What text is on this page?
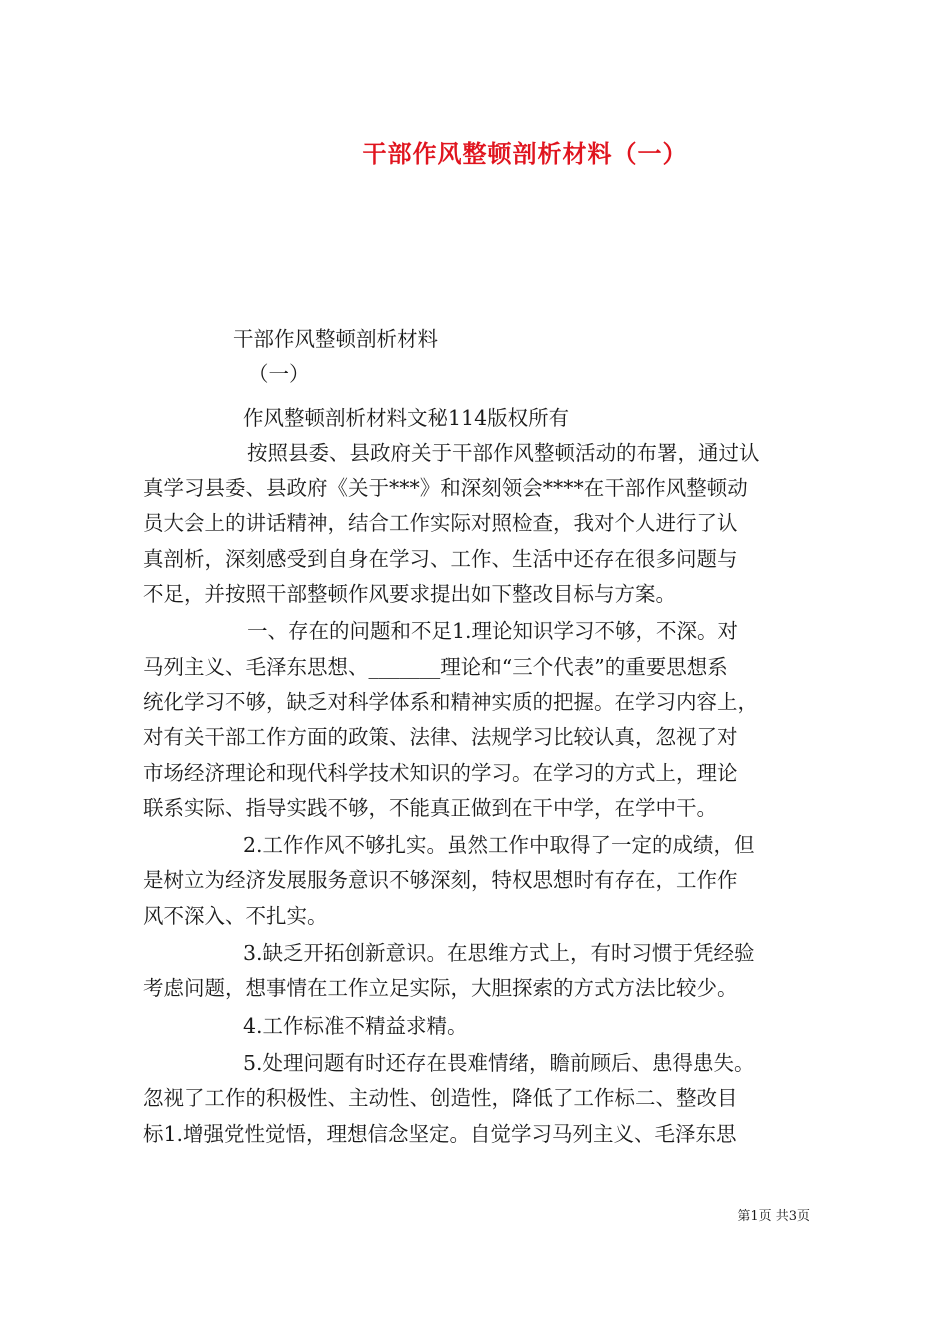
干部作风整顿剖析材料（一）
干部作风整顿剖析材料
（一）
作风整顿剖析材料文秘114版权所有
按照县委、县政府关于干部作风整顿活动的布署，通过认
真学习县委、县政府《关于***》和深刻领会****在干部作风整顿动
员大会上的讲话精神，结合工作实际对照检查，我对个人进行了认
真剖析，深刻感受到自身在学习、工作、生活中还存在很多问题与
不足，并按照干部整顿作风要求提出如下整改目标与方案。
一、存在的问题和不足1.理论知识学习不够，不深。对
马列主义、毛泽东思想、_______理论和“三个代表”的重要思想系
统化学习不够，缺乏对科学体系和精神实质的把握。在学习内容上，
对有关干部工作方面的政策、法律、法规学习比较认真，忽视了对
市场经济理论和现代科学技术知识的学习。在学习的方式上，理论
联系实际、指导实践不够，不能真正做到在干中学，在学中干。
2.工作作风不够扎实。虽然工作中取得了一定的成绩，但
是树立为经济发展服务意识不够深刻，特权思想时有存在，工作作
风不深入、不扎实。
3.缺乏开拓创新意识。在思维方式上，有时习惯于凭经验
考虑问题，想事情在工作立足实际，大胆探索的方式方法比较少。
4.工作标准不精益求精。
5.处理问题有时还存在畏难情绪，瞻前顾后、患得患失。
忽视了工作的积极性、主动性、创造性，降低了工作标二、整改目
标1.增强党性觉悟，理想信念坚定。自觉学习马列主义、毛泽东思
第1页 共3页
